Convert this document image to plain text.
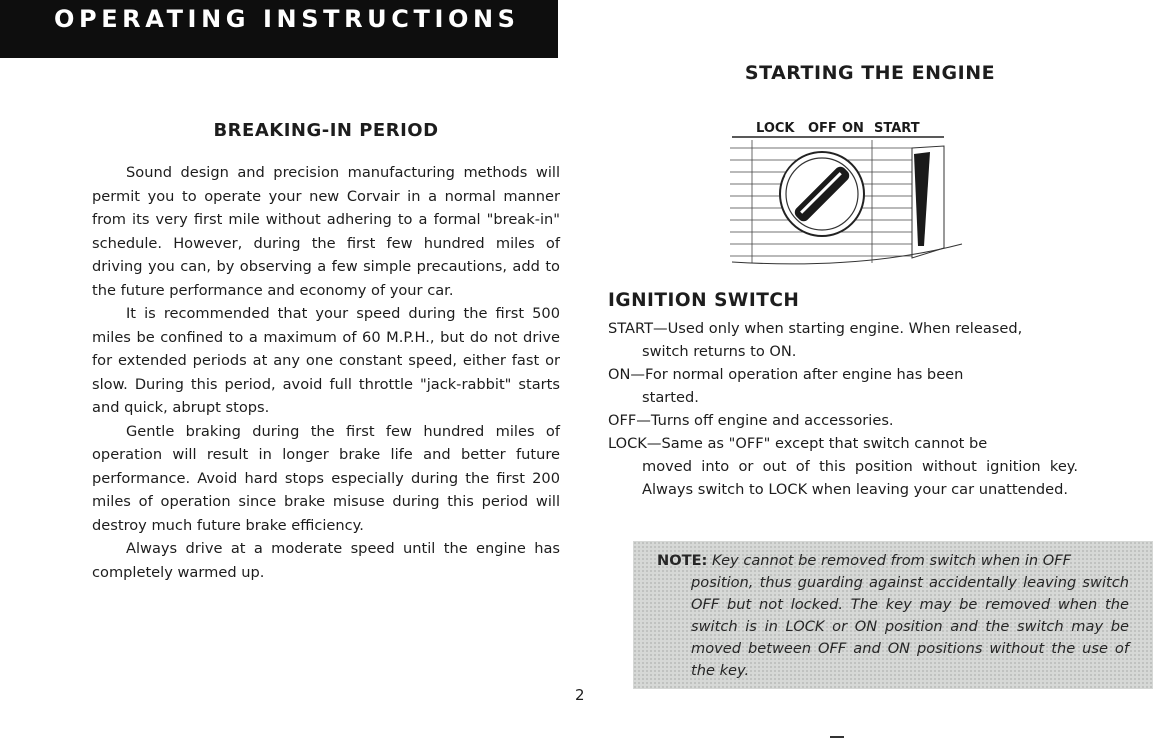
OPERATING INSTRUCTIONS
BREAKING-IN PERIOD

Sound design and precision manufacturing methods will permit you to operate your new Corvair in a normal manner from its very first mile without adhering to a formal "break-in" schedule. However, during the first few hundred miles of driving you can, by observing a few simple precautions, add to the future performance and economy of your car.

It is recommended that your speed during the first 500 miles be confined to a maximum of 60 M.P.H., but do not drive for extended periods at any one constant speed, either fast or slow. During this period, avoid full throttle "jack-rabbit" starts and quick, abrupt stops.

Gentle braking during the first few hundred miles of operation will result in longer brake life and better future performance. Avoid hard stops especially during the first 200 miles of operation since brake misuse during this period will destroy much future brake efficiency.

Always drive at a moderate speed until the engine has completely warmed up.

STARTING THE ENGINE
LOCK OFF ON START
IGNITION SWITCH

START—Used only when starting engine. When released,
switch returns to ON.

ON—For normal operation after engine has been
started.

OFF—Turns off engine and accessories.

LOCK—Same as "OFF" except that switch cannot be
moved into or out of this position without ignition key. Always switch to LOCK when leaving your car unattended.

NOTE: Key cannot be removed from switch when in OFF
position, thus guarding against accidentally leaving switch OFF but not locked. The key may be removed when the switch is in LOCK or ON position and the switch may be moved between OFF and ON positions without the use of the key.
2
